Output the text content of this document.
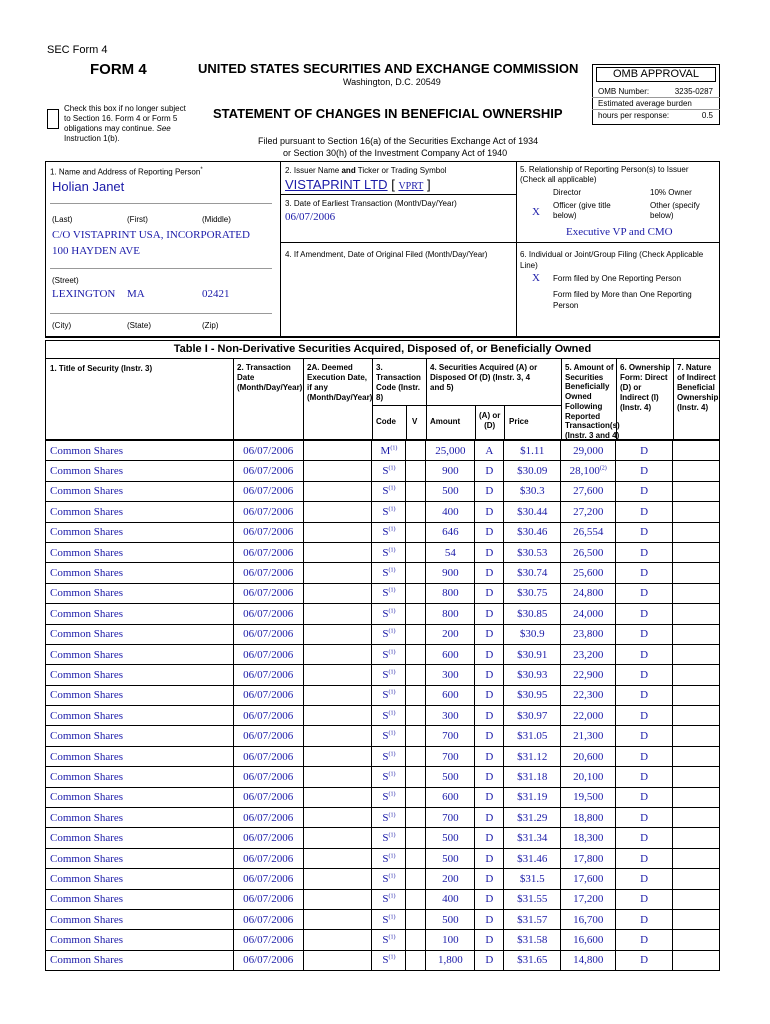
SEC Form 4
FORM 4	UNITED STATES SECURITIES AND EXCHANGE COMMISSION
Washington, D.C. 20549
Check this box if no longer subject
to Section 16. Form 4 or Form 5
obligations may continue. See
Instruction 1(b).
STATEMENT OF CHANGES IN BENEFICIAL OWNERSHIP
Filed pursuant to Section 16(a) of the Securities Exchange Act of 1934
or Section 30(h) of the Investment Company Act of 1940
OMB APPROVAL
OMB Number:	3235-0287
Estimated average burden
hours per response:	0.5
1. Name and Address of Reporting Person*
Holian Janet
(Last)	(First)	(Middle)
C/O VISTAPRINT USA, INCORPORATED
100 HAYDEN AVE
(Street)
LEXINGTON MA	02421
(City)	(State)	(Zip)
2. Issuer Name and Ticker or Trading Symbol
VISTAPRINT LTD [ VPRT ]
3. Date of Earliest Transaction (Month/Day/Year)
06/07/2006
4. If Amendment, Date of Original Filed (Month/Day/Year)
5. Relationship of Reporting Person(s) to Issuer
(Check all applicable)
Director	10% Owner
X
Officer (give title
below)
Other (specify
below)
Executive VP and CMO
6. Individual or Joint/Group Filing (Check Applicable
Line)
X Form filed by One Reporting Person
Form filed by More than One Reporting
Person
Table I - Non-Derivative Securities Acquired, Disposed of, or Beneficially Owned
1. Title of Security (Instr. 3)	2. Transaction
Date
(Month/Day/Year)
2A. Deemed
Execution Date,
if any
(Month/Day/Year)
3.
Transaction
Code (Instr.
8)
4. Securities Acquired (A) or
Disposed Of (D) (Instr. 3, 4
and 5)
5. Amount of
Securities
Beneficially
Owned
Following
Reported
Transaction(s)
(Instr. 3 and 4)
6. Ownership
Form: Direct
(D) or
Indirect (I)
(Instr. 4)
7. Nature
of Indirect
Beneficial
Ownership
(Instr. 4)
Code V Amount
(A) or
(D)	Price
Common Shares	06/07/2006		$M^{(1)}$		25,000	A	$1.11	29,000	D	
Common Shares	06/07/2006		$S^{(1)}$		900	D	$30.09	28,100$^{(2)}$	D	
Common Shares	06/07/2006		$S^{(1)}$		500	D	$30.3	27,600	D	
Common Shares	06/07/2006		$S^{(1)}$		400	D	$30.44	27,200	D	
Common Shares	06/07/2006		$S^{(1)}$		646	D	$30.46	26,554	D	
Common Shares	06/07/2006		$S^{(1)}$		54	D	$30.53	26,500	D	
Common Shares	06/07/2006		$S^{(1)}$		900	D	$30.74	25,600	D	
Common Shares	06/07/2006		$S^{(1)}$		800	D	$30.75	24,800	D	
Common Shares	06/07/2006		$S^{(1)}$		800	D	$30.85	24,000	D	
Common Shares	06/07/2006		$S^{(1)}$		200	D	$30.9	23,800	D	
Common Shares	06/07/2006		$S^{(1)}$		600	D	$30.91	23,200	D	
Common Shares	06/07/2006		$S^{(1)}$		300	D	$30.93	22,900	D	
Common Shares	06/07/2006		$S^{(1)}$		600	D	$30.95	22,300	D	
Common Shares	06/07/2006		$S^{(1)}$		300	D	$30.97	22,000	D	
Common Shares	06/07/2006		$S^{(1)}$		700	D	$31.05	21,300	D	
Common Shares	06/07/2006		$S^{(1)}$		700	D	$31.12	20,600	D	
Common Shares	06/07/2006		$S^{(1)}$		500	D	$31.18	20,100	D	
Common Shares	06/07/2006		$S^{(1)}$		600	D	$31.19	19,500	D	
Common Shares	06/07/2006		$S^{(1)}$		700	D	$31.29	18,800	D	
Common Shares	06/07/2006		$S^{(1)}$		500	D	$31.34	18,300	D	
Common Shares	06/07/2006		$S^{(1)}$		500	D	$31.46	17,800	D	
Common Shares	06/07/2006		$S^{(1)}$		200	D	$31.5	17,600	D	
Common Shares	06/07/2006		$S^{(1)}$		400	D	$31.55	17,200	D	
Common Shares	06/07/2006		$S^{(1)}$		500	D	$31.57	16,700	D	
Common Shares	06/07/2006		$S^{(1)}$		100	D	$31.58	16,600	D	
Common Shares	06/07/2006		$S^{(1)}$		1,800	D	$31.65	14,800	D	
